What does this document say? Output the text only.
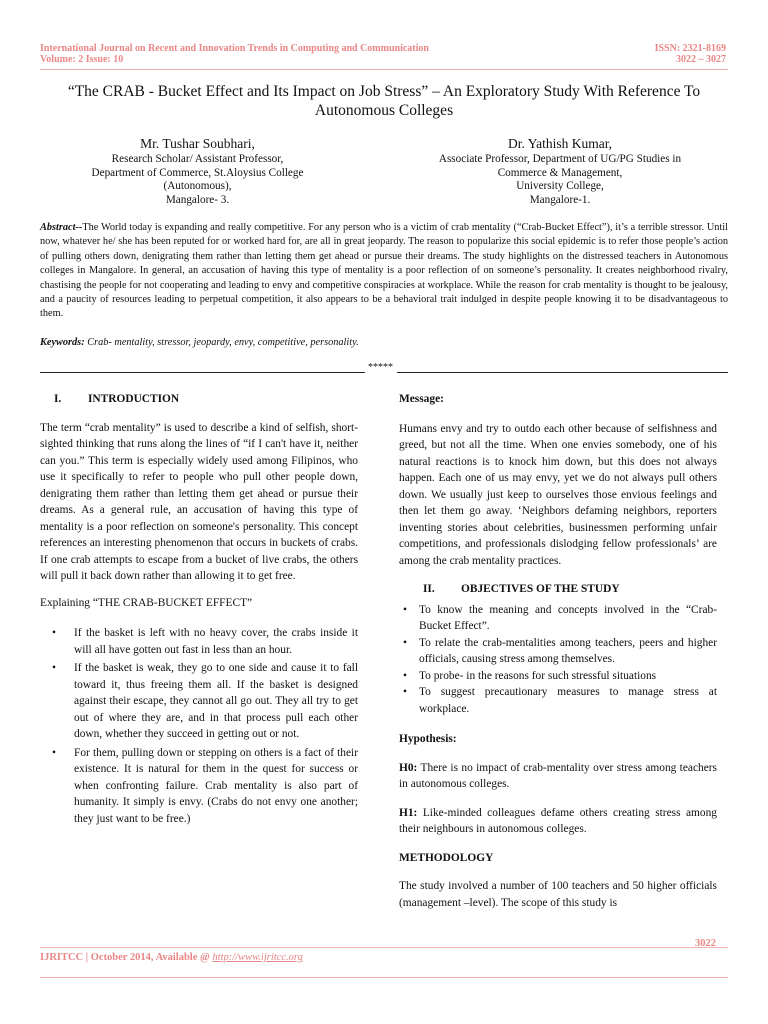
International Journal on Recent and Innovation Trends in Computing and Communication
Volume: 2 Issue: 10
ISSN: 2321-8169
3022 – 3027
“The CRAB - Bucket Effect and Its Impact on Job Stress” – An Exploratory Study With Reference To Autonomous Colleges
Mr. Tushar Soubhari,
Research Scholar/ Assistant Professor,
Department of Commerce, St.Aloysius College
(Autonomous),
Mangalore- 3.
Dr. Yathish Kumar,
Associate Professor, Department of UG/PG Studies in
Commerce & Management,
University College,
Mangalore-1.
Abstract--The World today is expanding and really competitive. For any person who is a victim of crab mentality (“Crab-Bucket Effect”), it’s a terrible stressor. Until now, whatever he/ she has been reputed for or worked hard for, are all in great jeopardy. The reason to popularize this social epidemic is to refer those people’s action of pulling others down, denigrating them rather than letting them get ahead or pursue their dreams. The study highlights on the distressed teachers in Autonomous colleges in Mangalore. In general, an accusation of having this type of mentality is a poor reflection of on someone’s personality. It creates neighborhood rivalry, chastising the people for not cooperating and leading to envy and competitive conspiracies at workplace. While the reason for crab mentality is thought to be jealousy, and a paucity of resources leading to perpetual competition, it also appears to be a behavioral trait indulged in despite people knowing it to be disadvantageous to them.
Keywords: Crab- mentality, stressor, jeopardy, envy, competitive, personality.
*****
I.	INTRODUCTION

The term “crab mentality” is used to describe a kind of selfish, short-sighted thinking that runs along the lines of “if I can't have it, neither can you.” This term is especially widely used among Filipinos, who use it specifically to refer to people who pull other people down, denigrating them rather than letting them get ahead or pursue their dreams. As a general rule, an accusation of having this type of mentality is a poor reflection on someone's personality. This concept references an interesting phenomenon that occurs in buckets of crabs. If one crab attempts to escape from a bucket of live crabs, the others will pull it back down rather than allowing it to get free.

Explaining “THE CRAB-BUCKET EFFECT”

• If the basket is left with no heavy cover, the crabs inside it will all have gotten out fast in less than an hour.
• If the basket is weak, they go to one side and cause it to fall toward it, thus freeing them all. If the basket is designed against their escape, they cannot all go out. They all try to get out of where they are, and in that process pull each other down, whether they succeed in getting out or not.
• For them, pulling down or stepping on others is a fact of their existence. It is natural for them in the quest for success or when confronting failure. Crab mentality is also part of humanity. It simply is envy. (Crabs do not envy one another; they just want to be free.)
Message:

Humans envy and try to outdo each other because of selfishness and greed, but not all the time. When one envies somebody, one of his natural reactions is to knock him down, but this does not always happen. Each one of us may envy, yet we do not always pull others down. We usually just keep to ourselves those envious feelings and then let them go away. ‘Neighbors defaming neighbors, reporters inventing stories about celebrities, businessmen performing unfair competitions, and professionals dislodging fellow professionals’ are among the crab mentality practices.

II.	OBJECTIVES OF THE STUDY
• To know the meaning and concepts involved in the “Crab-Bucket Effect”.
• To relate the crab-mentalities among teachers, peers and higher officials, causing stress among themselves.
• To probe- in the reasons for such stressful situations
• To suggest precautionary measures to manage stress at workplace.
Hypothesis:

H0: There is no impact of crab-mentality over stress among teachers in autonomous colleges.

H1: Like-minded colleagues defame others creating stress among their neighbours in autonomous colleges.

METHODOLOGY

The study involved a number of 100 teachers and 50 higher officials (management –level). The scope of this study is

3022
IJRITCC | October 2014, Available @ http://www.ijritcc.org
